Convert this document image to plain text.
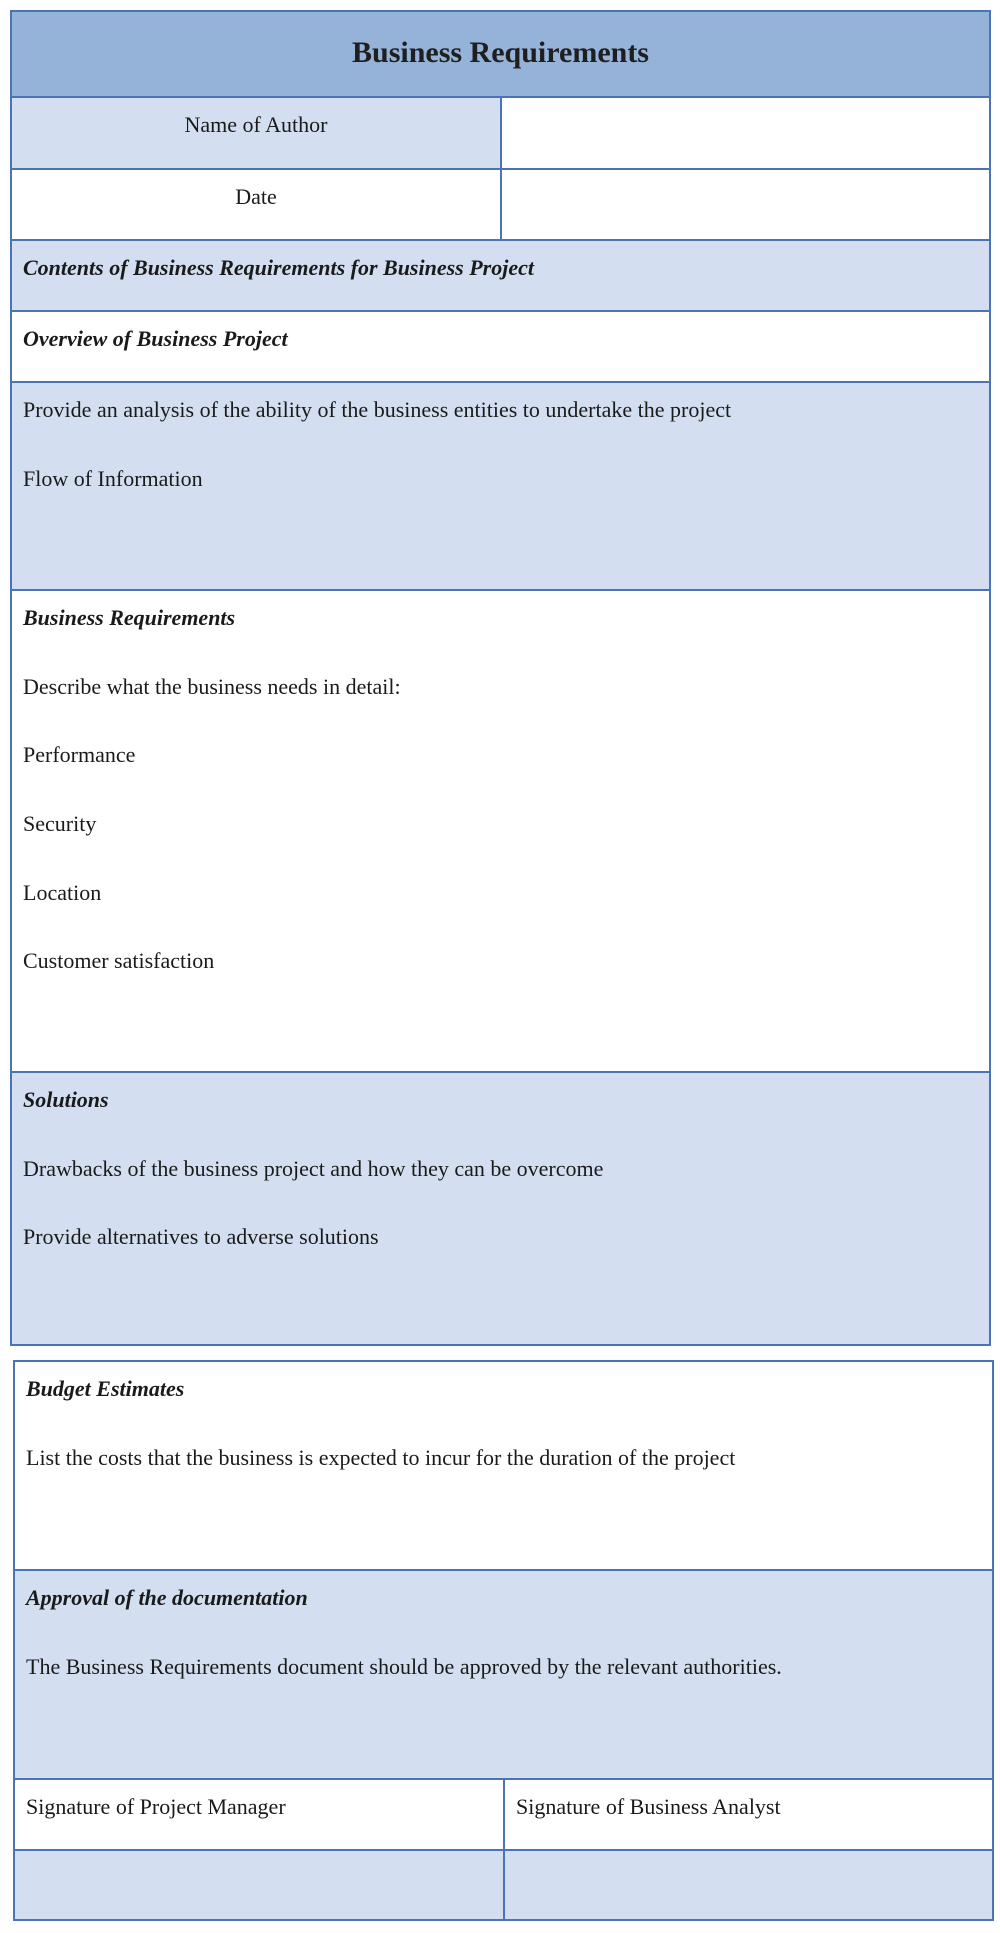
Business Requirements
Name of Author
Date
Contents of Business Requirements for Business Project
Overview of Business Project
Provide an analysis of the ability of the business entities to undertake the project
Flow of Information
Business Requirements
Describe what the business needs in detail:
Performance
Security
Location
Customer satisfaction
Solutions
Drawbacks of the business project and how they can be overcome
Provide alternatives to adverse solutions
Budget Estimates
List the costs that the business is expected to incur for the duration of the project
Approval of the documentation
The Business Requirements document should be approved by the relevant authorities.
Signature of Project Manager	Signature of Business Analyst
